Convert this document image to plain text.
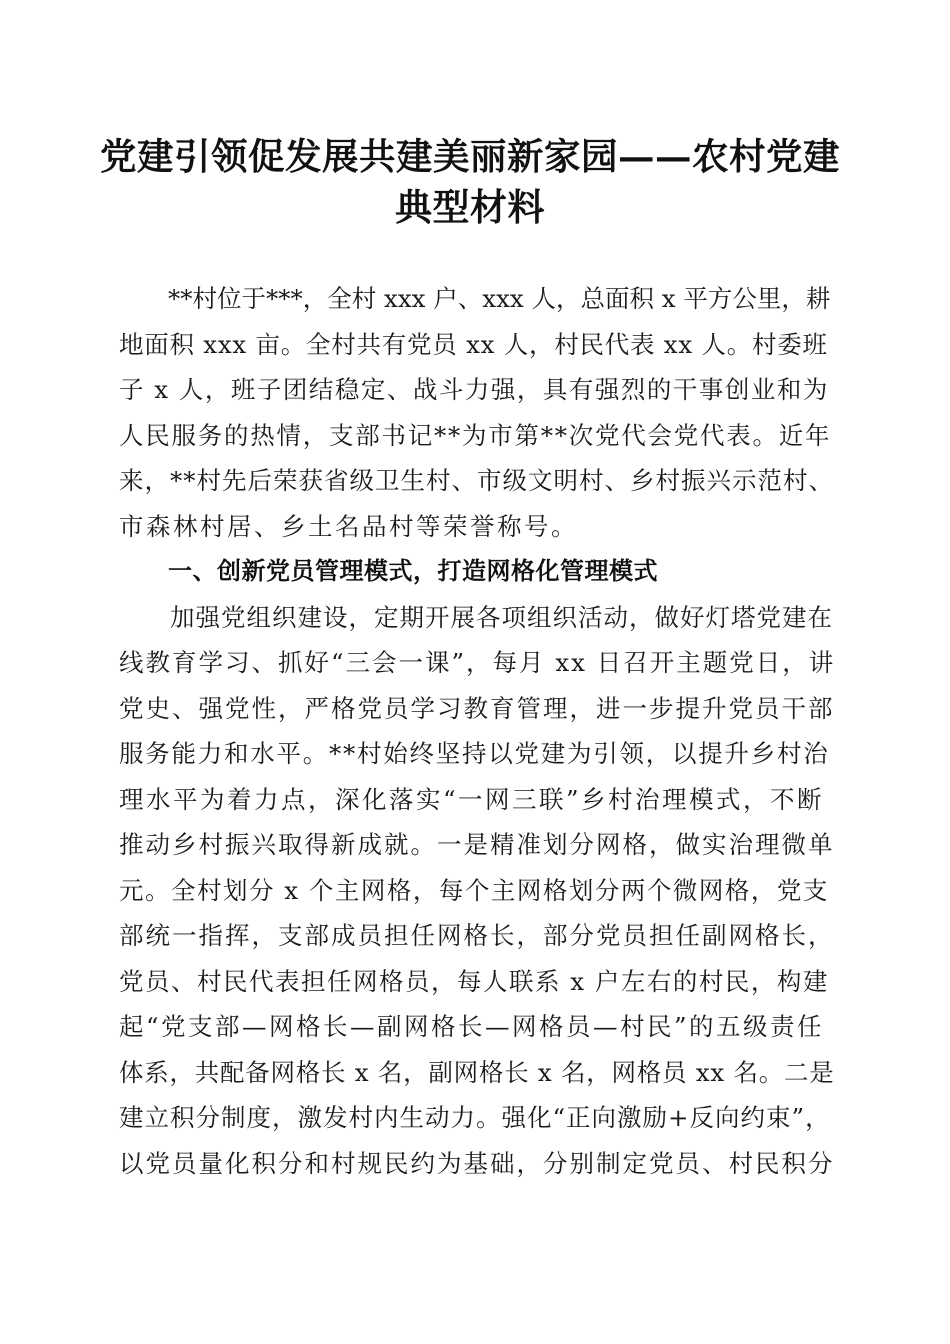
党建引领促发展共建美丽新家园——农村党建
典型材料
　　**村位于***，全村 xxx 户、xxx 人，总面积 x 平方公里，耕
地面积 xxx 亩。全村共有党员 xx 人，村民代表 xx 人。村委班
子 x 人，班子团结稳定、战斗力强，具有强烈的干事创业和为
人民服务的热情，支部书记**为市第**次党代会党代表。近年
来，**村先后荣获省级卫生村、市级文明村、乡村振兴示范村、
市森林村居、乡土名品村等荣誉称号。
　　一、创新党员管理模式，打造网格化管理模式
　　加强党组织建设，定期开展各项组织活动，做好灯塔党建在
线教育学习、抓好“三会一课”，每月 xx 日召开主题党日，讲
党史、强党性，严格党员学习教育管理，进一步提升党员干部
服务能力和水平。**村始终坚持以党建为引领，以提升乡村治
理水平为着力点，深化落实“一网三联”乡村治理模式，不断
推动乡村振兴取得新成就。一是精准划分网格，做实治理微单
元。全村划分 x 个主网格，每个主网格划分两个微网格，党支
部统一指挥，支部成员担任网格长，部分党员担任副网格长，
党员、村民代表担任网格员，每人联系 x 户左右的村民，构建
起“党支部—网格长—副网格长—网格员—村民”的五级责任
体系，共配备网格长 x 名，副网格长 x 名，网格员 xx 名。二是
建立积分制度，激发村内生动力。强化“正向激励+反向约束”，
以党员量化积分和村规民约为基础，分别制定党员、村民积分
